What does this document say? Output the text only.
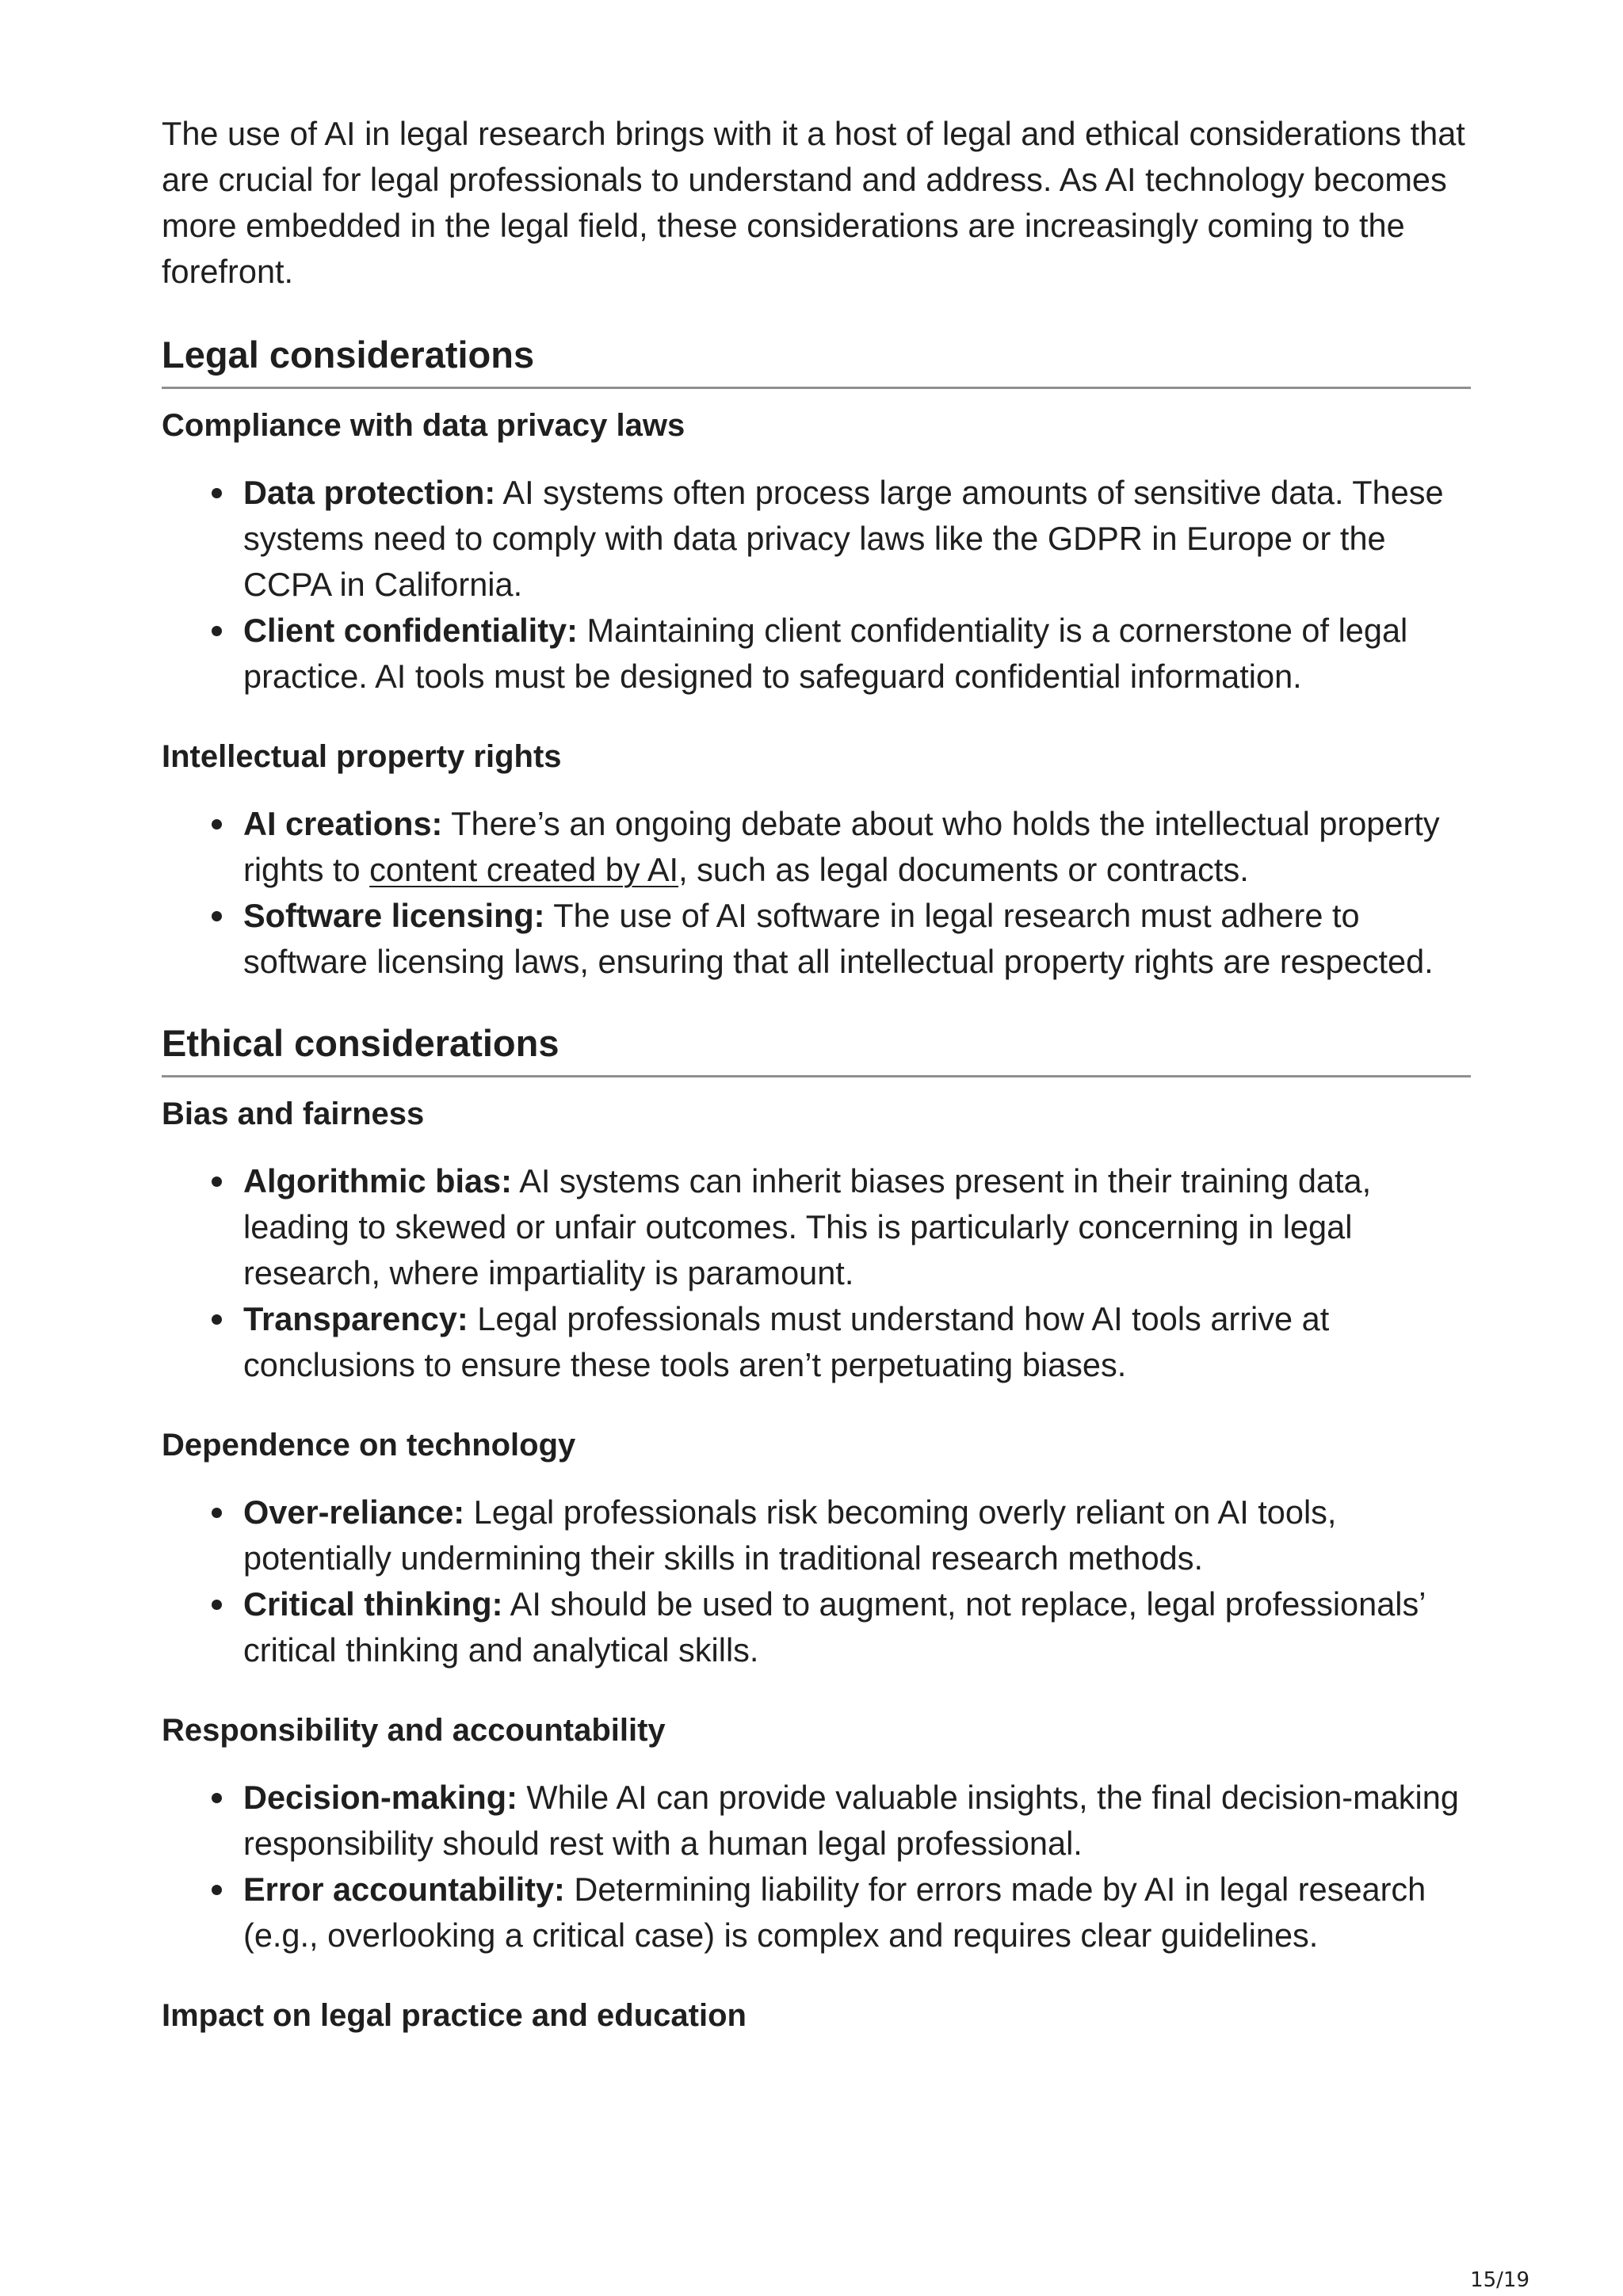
The use of AI in legal research brings with it a host of legal and ethical considerations that are crucial for legal professionals to understand and address. As AI technology becomes more embedded in the legal field, these considerations are increasingly coming to the forefront.

Legal considerations
Compliance with data privacy laws
Data protection: AI systems often process large amounts of sensitive data. These systems need to comply with data privacy laws like the GDPR in Europe or the CCPA in California.
Client confidentiality: Maintaining client confidentiality is a cornerstone of legal practice. AI tools must be designed to safeguard confidential information.
Intellectual property rights
AI creations: There’s an ongoing debate about who holds the intellectual property rights to content created by AI, such as legal documents or contracts.
Software licensing: The use of AI software in legal research must adhere to software licensing laws, ensuring that all intellectual property rights are respected.
Ethical considerations
Bias and fairness
Algorithmic bias: AI systems can inherit biases present in their training data, leading to skewed or unfair outcomes. This is particularly concerning in legal research, where impartiality is paramount.
Transparency: Legal professionals must understand how AI tools arrive at conclusions to ensure these tools aren’t perpetuating biases.
Dependence on technology
Over-reliance: Legal professionals risk becoming overly reliant on AI tools, potentially undermining their skills in traditional research methods.
Critical thinking: AI should be used to augment, not replace, legal professionals’ critical thinking and analytical skills.
Responsibility and accountability
Decision-making: While AI can provide valuable insights, the final decision-making responsibility should rest with a human legal professional.
Error accountability: Determining liability for errors made by AI in legal research (e.g., overlooking a critical case) is complex and requires clear guidelines.
Impact on legal practice and education
15/19
